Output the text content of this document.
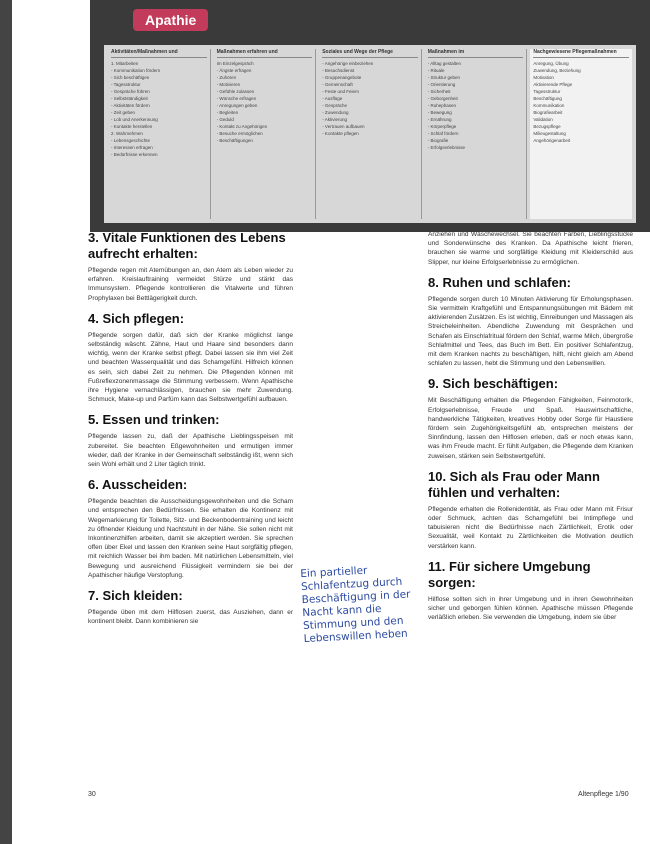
Apathie
Aktivitäten/Maßnahmen und
1. Mitarbeiten
- Kommunikation fördern
- Sich beschäftigen
- Tagesstruktur
- Gespräche führen
- Selbstständigkeit
- Aktivitäten fördern
- Zeit geben
- Lob und Anerkennung
- Kontakte herstellen
2. Wahrnehmen
- Lebensgeschichte
- Interessen erfragen
- Bedürfnisse erkennen
Maßnahmen erfahren und
Im Einzelgespräch
- Ängste erfragen
- Zuhören
- Motivieren
- Gefühle zulassen
- Wünsche erfragen
- Anregungen geben
- Begleiten
- Geduld
- Kontakt zu Angehörigen
- Besuche ermöglichen
- Beschäftigungen
Soziales und Wege der Pflege
- Angehörige einbeziehen
- Besuchsdienst
- Gruppenangebote
- Gemeinschaft
- Feste und Feiern
- Ausflüge
- Gespräche
- Zuwendung
- Aktivierung
- Vertrauen aufbauen
- Kontakte pflegen
Maßnahmen im
- Alltag gestalten
- Rituale
- Struktur geben
- Orientierung
- Sicherheit
- Geborgenheit
- Ruhephasen
- Bewegung
- Ernährung
- Körperpflege
- Schlaf fördern
- Biografie
- Erfolgserlebnisse
Nachgewiesene Pflegemaßnahmen
Anregung, Übung
Zuwendung, Beziehung
Motivation
Aktivierende Pflege
Tagesstruktur
Beschäftigung
Kommunikation
Biografiearbeit
Validation
Bezugspflege
Milieugestaltung
Angehörigenarbeit
3. Vitale Funktionen des Lebens aufrecht erhalten:

Pflegende regen mit Atemübungen an, den Atem als Leben wieder zu erfahren. Kreislauftraining vermeidet Stürze und stärkt das Immunsystem. Pflegende kontrollieren die Vitalwerte und führen Prophylaxen bei Bettlägerigkeit durch.

4. Sich pflegen:

Pflegende sorgen dafür, daß sich der Kranke möglichst lange selbständig wäscht. Zähne, Haut und Haare sind besonders dann wichtig, wenn der Kranke selbst pflegt. Dabei lassen sie ihm viel Zeit und beachten Wasserqualität und das Schamgefühl. Hilfreich können es sein, sich dabei Zeit zu nehmen. Die Pflegenden können mit Fußreflexzonenmassage die Stimmung verbessern. Wenn Apathische ihre Hygiene vernachlässigen, brauchen sie mehr Zuwendung. Schmuck, Make-up und Parfüm kann das Selbstwertgefühl aufbauen.

5. Essen und trinken:

Pflegende lassen zu, daß der Apathische Lieblingsspeisen mit zubereitet. Sie beachten Eßgewohnheiten und ermutigen immer wieder, daß der Kranke in der Gemeinschaft selbständig ißt, wenn sich sein Wohl erhält und 2 Liter täglich trinkt.

6. Ausscheiden:

Pflegende beachten die Ausscheidungsgewohnheiten und die Scham und entsprechen den Bedürfnissen. Sie erhalten die Kontinenz mit Wegemarkierung für Toilette, Sitz- und Beckenbodentraining und leicht zu öffnender Kleidung und Nachtstuhl in der Nähe. Sie sollen nicht mit Inkontinenzhilfen arbeiten, damit sie akzeptiert werden. Sie sprechen offen über Ekel und lassen den Kranken seine Haut sorgfältig pflegen, mit reichlich Wasser bei ihm baden. Mit natürlichen Lebensmitteln, viel Bewegung und ausreichend Flüssigkeit vermindern sie bei der Apathischer häufige Verstopfung.

7. Sich kleiden:

Pflegende üben mit dem Hilflosen zuerst, das Ausziehen, dann er kontinent bleibt. Dann kombinieren sie

Anziehen und Wäschewechsel. Sie beachten Farben, Lieblingsstücke und Sonderwünsche des Kranken. Da Apathische leicht frieren, brauchen sie warme und sorgfältige Kleidung mit Kleiderschild aus Slipper, nur kleine Erfolgserlebnisse zu ermöglichen.

8. Ruhen und schlafen:

Pflegende sorgen durch 10 Minuten Aktivierung für Erholungsphasen. Sie vermitteln Kraftgefühl und Entspannungsübungen mit Bädern mit aktivierenden Zusätzen. Es ist wichtig, Einreibungen und Massagen als Streicheleinheiten. Abendliche Zuwendung mit Gesprächen und Schafen als Einschlafritual fördern den Schlaf, warme Milch, übergroße Schlafmittel und Tees, das Buch im Bett. Ein positiver Schlafentzug, mit dem Kranken nachts zu beschäftigen, hilft, nicht gleich am Abend schlafen zu lassen, hebt die Stimmung und den Lebenswillen.

9. Sich beschäftigen:

Mit Beschäftigung erhalten die Pflegenden Fähigkeiten, Feinmotorik, Erfolgserlebnisse, Freude und Spaß. Hauswirtschaftliche, handwerkliche Tätigkeiten, kreatives Hobby oder Sorge für Haustiere fördern sein Zugehörigkeitsgefühl ab, entsprechen meistens der Sinnfindung, lassen den Hilflosen erleben, daß er noch etwas kann, was ihm Freude macht. Er fühlt Aufgaben, die Pflegende dem Kranken zuweisen, stärken sein Selbstwertgefühl.

10. Sich als Frau oder Mann fühlen und verhalten:

Pflegende erhalten die Rollenidentität, als Frau oder Mann mit Frisur oder Schmuck, achten das Schamgefühl bei Intimpflege und tabuisieren nicht die Bedürfnisse nach Zärtlichkeit, Erotik oder Sexualität, weil Kontakt zu Zärtlichkeiten die Motivation deutlich verstärken kann.

11. Für sichere Umgebung sorgen:

Hilflose sollten sich in ihrer Umgebung und in ihren Gewohnheiten sicher und geborgen fühlen können. Apathische müssen Pflegende verläßlich erleben. Sie verwenden die Umgebung, indem sie über

Ein partieller Schlafentzug durch Beschäftigung in der Nacht kann die Stimmung und den Lebenswillen heben
30	Altenpflege 1/90
